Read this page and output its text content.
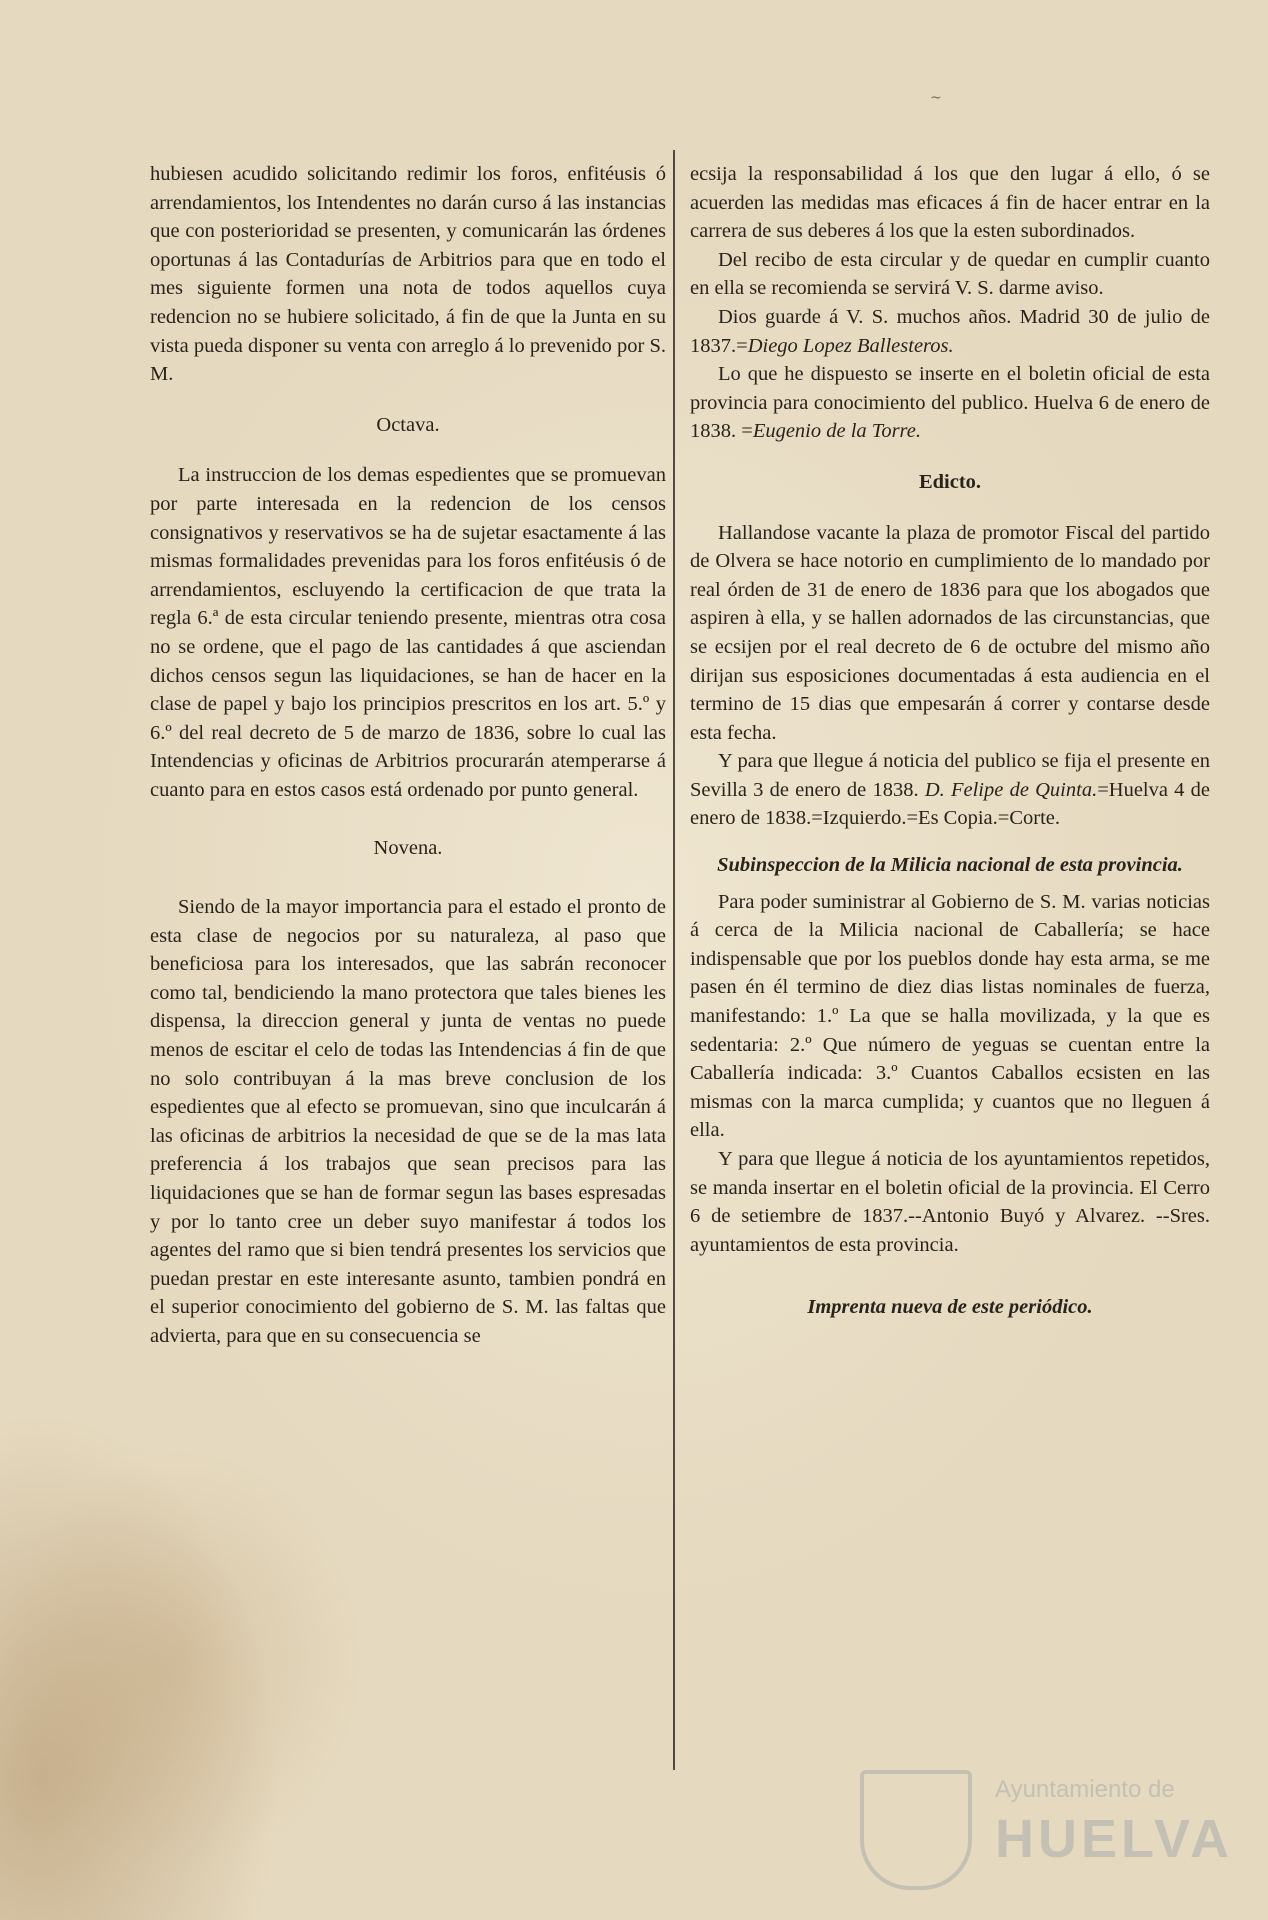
~

hubiesen acudido solicitando redimir los foros, enfitéusis ó arrendamientos, los Intendentes no darán curso á las instancias que con posterioridad se presenten, y comunicarán las órdenes oportunas á las Contadurías de Arbitrios para que en todo el mes siguiente formen una nota de todos aquellos cuya redencion no se hubiere solicitado, á fin de que la Junta en su vista pueda disponer su venta con arreglo á lo prevenido por S. M.

Octava.

La instruccion de los demas espedientes que se promuevan por parte interesada en la redencion de los censos consignativos y reservativos se ha de sujetar esactamente á las mismas formalidades prevenidas para los foros enfitéusis ó de arrendamientos, escluyendo la certificacion de que trata la regla 6.ª de esta circular teniendo presente, mientras otra cosa no se ordene, que el pago de las cantidades á que asciendan dichos censos segun las liquidaciones, se han de hacer en la clase de papel y bajo los principios prescritos en los art. 5.º y 6.º del real decreto de 5 de marzo de 1836, sobre lo cual las Intendencias y oficinas de Arbitrios procurarán atemperarse á cuanto para en estos casos está ordenado por punto general.

Novena.

Siendo de la mayor importancia para el estado el pronto de esta clase de negocios por su naturaleza, al paso que beneficiosa para los interesados, que las sabrán reconocer como tal, bendiciendo la mano protectora que tales bienes les dispensa, la direccion general y junta de ventas no puede menos de escitar el celo de todas las Intendencias á fin de que no solo contribuyan á la mas breve conclusion de los espedientes que al efecto se promuevan, sino que inculcarán á las oficinas de arbitrios la necesidad de que se de la mas lata preferencia á los trabajos que sean precisos para las liquidaciones que se han de formar segun las bases espresadas y por lo tanto cree un deber suyo manifestar á todos los agentes del ramo que si bien tendrá presentes los servicios que puedan prestar en este interesante asunto, tambien pondrá en el superior conocimiento del gobierno de S. M. las faltas que advierta, para que en su consecuencia se

ecsija la responsabilidad á los que den lugar á ello, ó se acuerden las medidas mas eficaces á fin de hacer entrar en la carrera de sus deberes á los que la esten subordinados.

Del recibo de esta circular y de quedar en cumplir cuanto en ella se recomienda se servirá V. S. darme aviso.

Dios guarde á V. S. muchos años. Madrid 30 de julio de 1837.=Diego Lopez Ballesteros.

Lo que he dispuesto se inserte en el boletin oficial de esta provincia para conocimiento del publico. Huelva 6 de enero de 1838. =Eugenio de la Torre.

Edicto.

Hallandose vacante la plaza de promotor Fiscal del partido de Olvera se hace notorio en cumplimiento de lo mandado por real órden de 31 de enero de 1836 para que los abogados que aspiren à ella, y se hallen adornados de las circunstancias, que se ecsijen por el real decreto de 6 de octubre del mismo año dirijan sus esposiciones documentadas á esta audiencia en el termino de 15 dias que empesarán á correr y contarse desde esta fecha.

Y para que llegue á noticia del publico se fija el presente en Sevilla 3 de enero de 1838. D. Felipe de Quinta.=Huelva 4 de enero de 1838.=Izquierdo.=Es Copia.=Corte.

Subinspeccion de la Milicia nacional de esta provincia.

Para poder suministrar al Gobierno de S. M. varias noticias á cerca de la Milicia nacional de Caballería; se hace indispensable que por los pueblos donde hay esta arma, se me pasen én él termino de diez dias listas nominales de fuerza, manifestando: 1.º La que se halla movilizada, y la que es sedentaria: 2.º Que número de yeguas se cuentan entre la Caballería indicada: 3.º Cuantos Caballos ecsisten en las mismas con la marca cumplida; y cuantos que no lleguen á ella.

Y para que llegue á noticia de los ayuntamientos repetidos, se manda insertar en el boletin oficial de la provincia. El Cerro 6 de setiembre de 1837.--Antonio Buyó y Alvarez. --Sres. ayuntamientos de esta provincia.

Imprenta nueva de este periódico.

Ayuntamiento de
HUELVA
